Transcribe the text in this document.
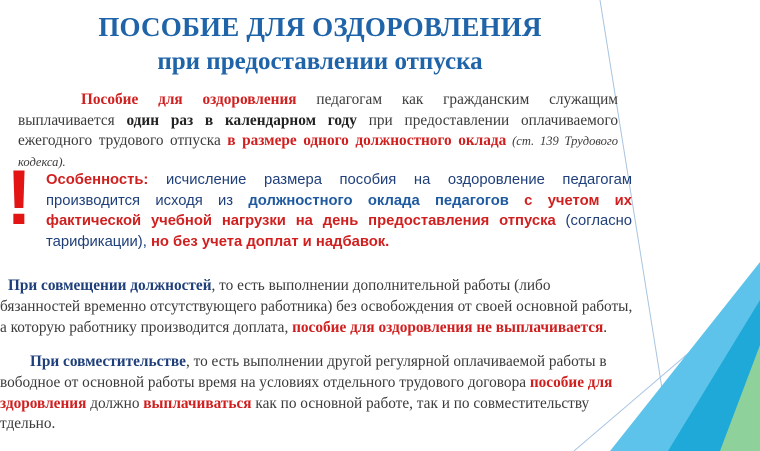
ПОСОБИЕ ДЛЯ ОЗДОРОВЛЕНИЯ
при предоставлении отпуска
Пособие для оздоровления педагогам как гражданским служащим выплачивается один раз в календарном году при предоставлении оплачиваемого ежегодного трудового отпуска в размере одного должностного оклада (ст. 139 Трудового кодекса).
! Особенность: исчисление размера пособия на оздоровление педагогам производится исходя из должностного оклада педагогов с учетом их фактической учебной нагрузки на день предоставления отпуска (согласно тарификации), но без учета доплат и надбавок.
При совмещении должностей, то есть выполнении дополнительной работы (либо
бязанностей временно отсутствующего работника) без освобождения от своей основной работы,
а которую работнику производится доплата, пособие для оздоровления не выплачивается.
При совместительстве, то есть выполнении другой регулярной оплачиваемой работы в
вободное от основной работы время на условиях отдельного трудового договора пособие для
здоровления должно выплачиваться как по основной работе, так и по совместительству
тдельно.
